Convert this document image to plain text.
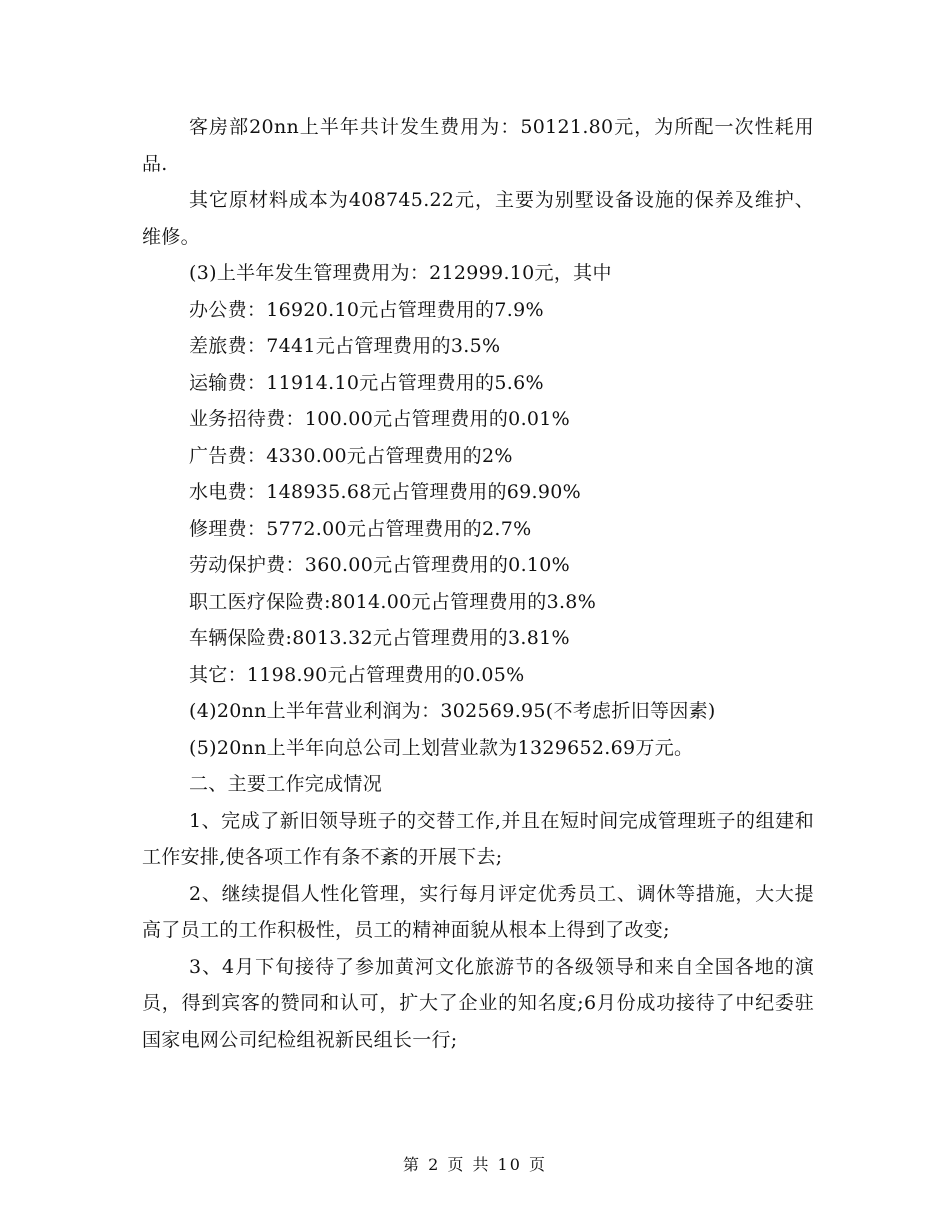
客房部20nn上半年共计发生费用为：50121.80元，为所配一次性耗用品.

其它原材料成本为408745.22元，主要为别墅设备设施的保养及维护、维修。

(3)上半年发生管理费用为：212999.10元，其中

办公费：16920.10元占管理费用的7.9%

差旅费：7441元占管理费用的3.5%

运输费：11914.10元占管理费用的5.6%

业务招待费：100.00元占管理费用的0.01%

广告费：4330.00元占管理费用的2%

水电费：148935.68元占管理费用的69.90%

修理费：5772.00元占管理费用的2.7%

劳动保护费：360.00元占管理费用的0.10%

职工医疗保险费:8014.00元占管理费用的3.8%

车辆保险费:8013.32元占管理费用的3.81%

其它：1198.90元占管理费用的0.05%

(4)20nn上半年营业利润为：302569.95(不考虑折旧等因素)

(5)20nn上半年向总公司上划营业款为1329652.69万元。

二、主要工作完成情况

1、完成了新旧领导班子的交替工作,并且在短时间完成管理班子的组建和工作安排,使各项工作有条不紊的开展下去;

2、继续提倡人性化管理，实行每月评定优秀员工、调休等措施，大大提高了员工的工作积极性，员工的精神面貌从根本上得到了改变;

3、4月下旬接待了参加黄河文化旅游节的各级领导和来自全国各地的演员，得到宾客的赞同和认可，扩大了企业的知名度;6月份成功接待了中纪委驻国家电网公司纪检组祝新民组长一行;

第 2 页 共 10 页
